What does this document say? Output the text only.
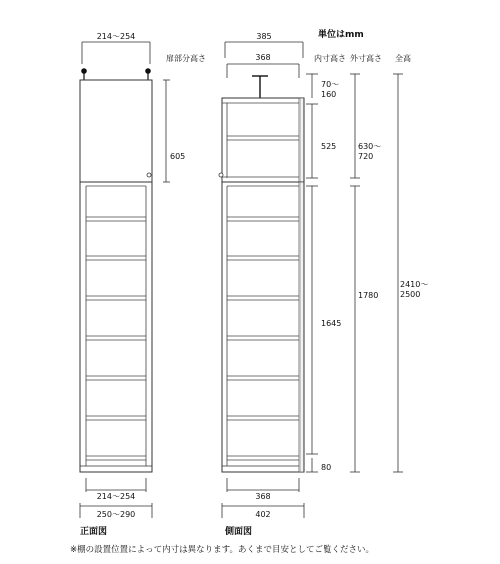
214～254
605
214～254
250～290
正面図
385
368
70～ 160
525
1645
80
630～ 720
1780
2410～ 2500
368
402
側面図
単位はmm
扉部分高さ	内寸高さ 外寸高さ 全高
※棚の設置位置によって内寸は異なります。あくまで目安としてご覧ください。
